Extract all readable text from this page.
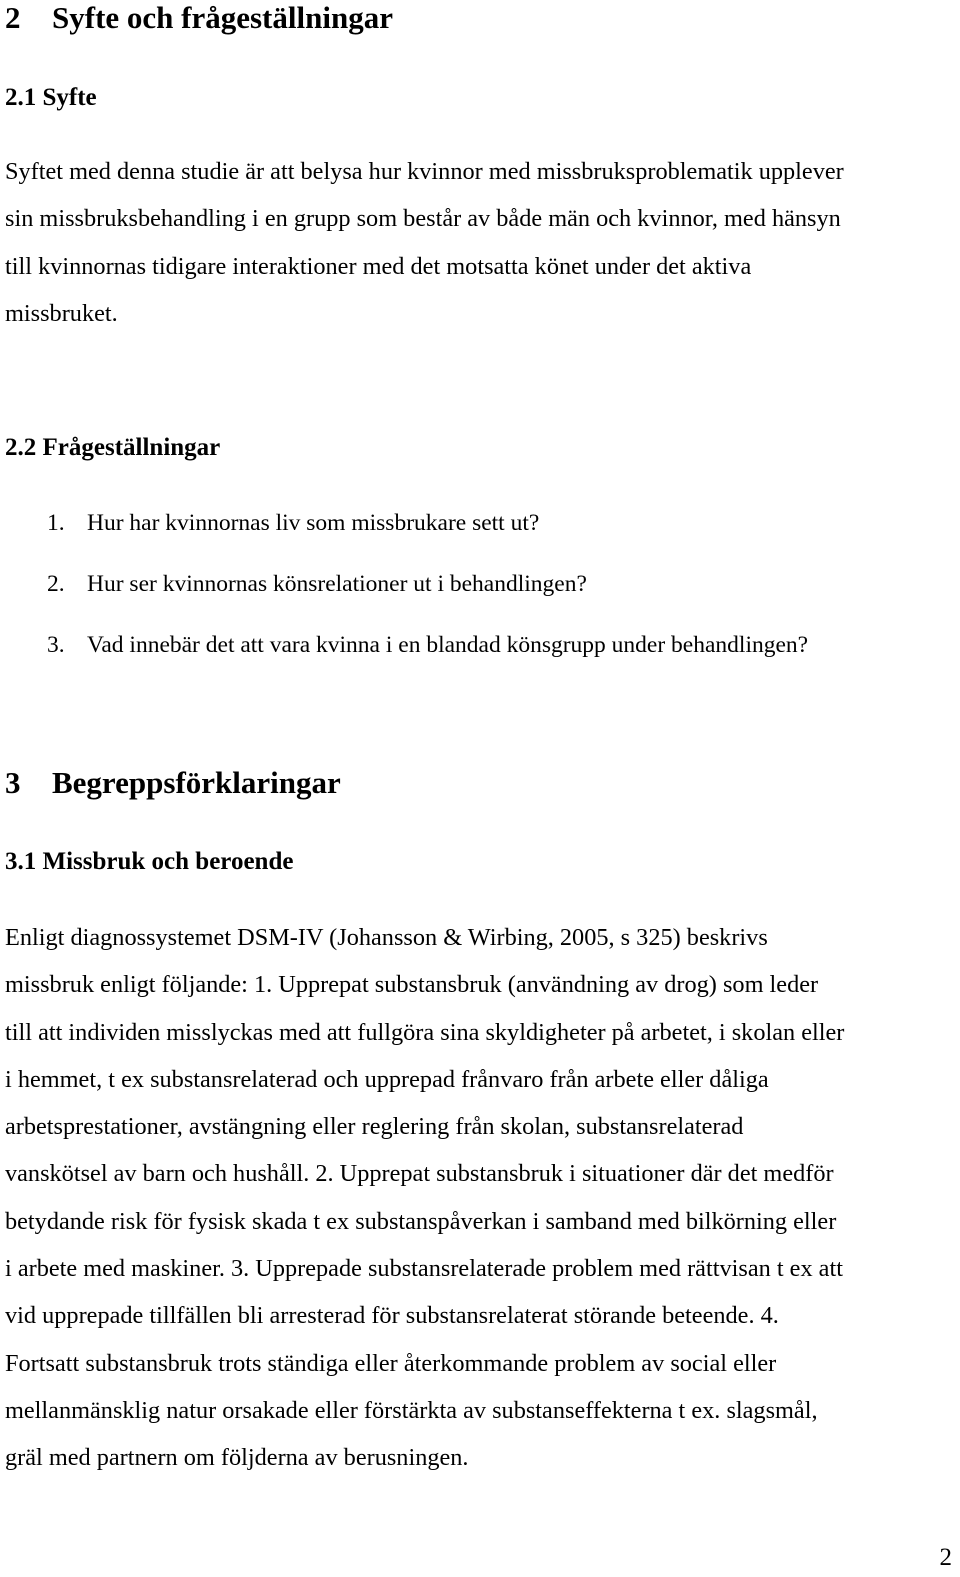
2 Syfte och frågeställningar
2.1 Syfte
Syftet med denna studie är att belysa hur kvinnor med missbruksproblematik upplever
sin missbruksbehandling i en grupp som består av både män och kvinnor, med hänsyn
till kvinnornas tidigare interaktioner med det motsatta könet under det aktiva
missbruket.
2.2 Frågeställningar
1. Hur har kvinnornas liv som missbrukare sett ut?
2. Hur ser kvinnornas könsrelationer ut i behandlingen?
3. Vad innebär det att vara kvinna i en blandad könsgrupp under behandlingen?
3 Begreppsförklaringar
3.1 Missbruk och beroende
Enligt diagnossystemet DSM-IV (Johansson & Wirbing, 2005, s 325) beskrivs
missbruk enligt följande: 1. Upprepat substansbruk (användning av drog) som leder
till att individen misslyckas med att fullgöra sina skyldigheter på arbetet, i skolan eller
i hemmet, t ex substansrelaterad och upprepad frånvaro från arbete eller dåliga
arbetsprestationer, avstängning eller reglering från skolan, substansrelaterad
vanskötsel av barn och hushåll. 2. Upprepat substansbruk i situationer där det medför
betydande risk för fysisk skada t ex substanspåverkan i samband med bilkörning eller
i arbete med maskiner. 3. Upprepade substansrelaterade problem med rättvisan t ex att
vid upprepade tillfällen bli arresterad för substansrelaterat störande beteende. 4.
Fortsatt substansbruk trots ständiga eller återkommande problem av social eller
mellanmänsklig natur orsakade eller förstärkta av substanseffekterna t ex. slagsmål,
gräl med partnern om följderna av berusningen.
2
